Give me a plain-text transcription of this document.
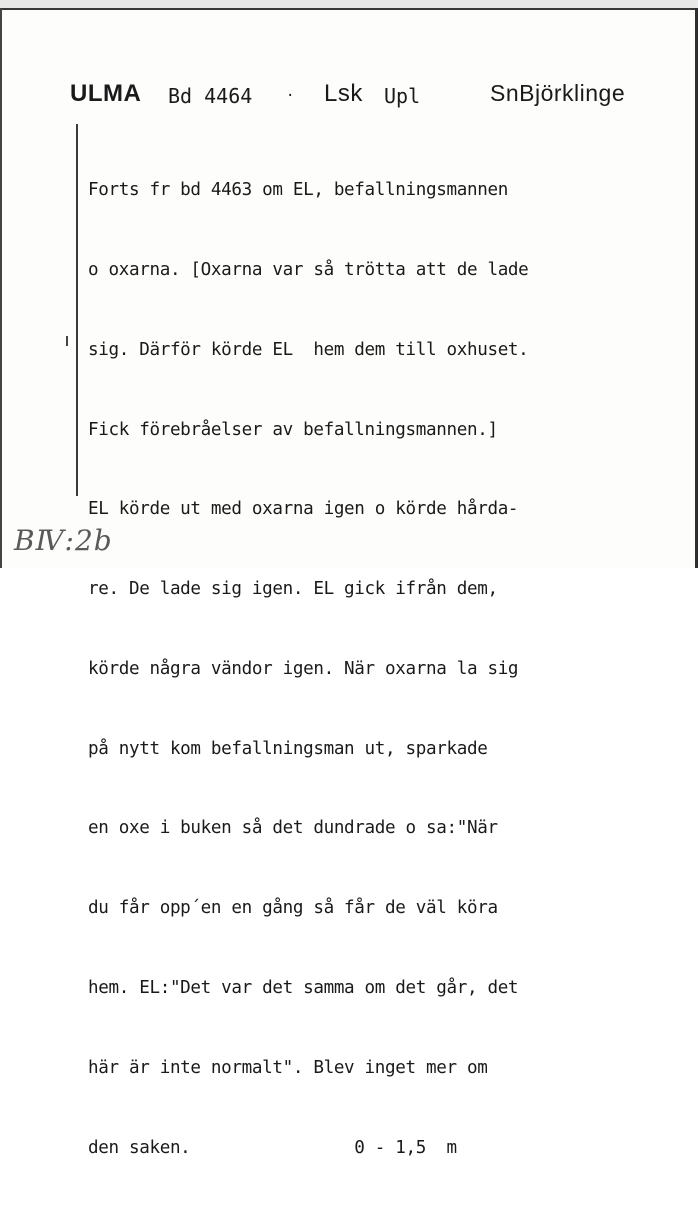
ULMA Bd 4464 · Lsk Upl	SnBjörklinge

Forts fr bd 4463 om EL, befallningsmannen

o oxarna. [Oxarna var så trötta att de lade

sig. Därför körde EL  hem dem till oxhuset.

Fick förebråelser av befallningsmannen.]

EL körde ut med oxarna igen o körde hårda-

re. De lade sig igen. EL gick ifrån dem,

körde några vändor igen. När oxarna la sig

på nytt kom befallningsman ut, sparkade

en oxe i buken så det dundrade o sa:"När

du får opp´en en gång så får de väl köra

hem. EL:"Det var det samma om det går, det

här är inte normalt". Blev inget mer om

den saken.                0 - 1,5  m

BⅣ:2b
